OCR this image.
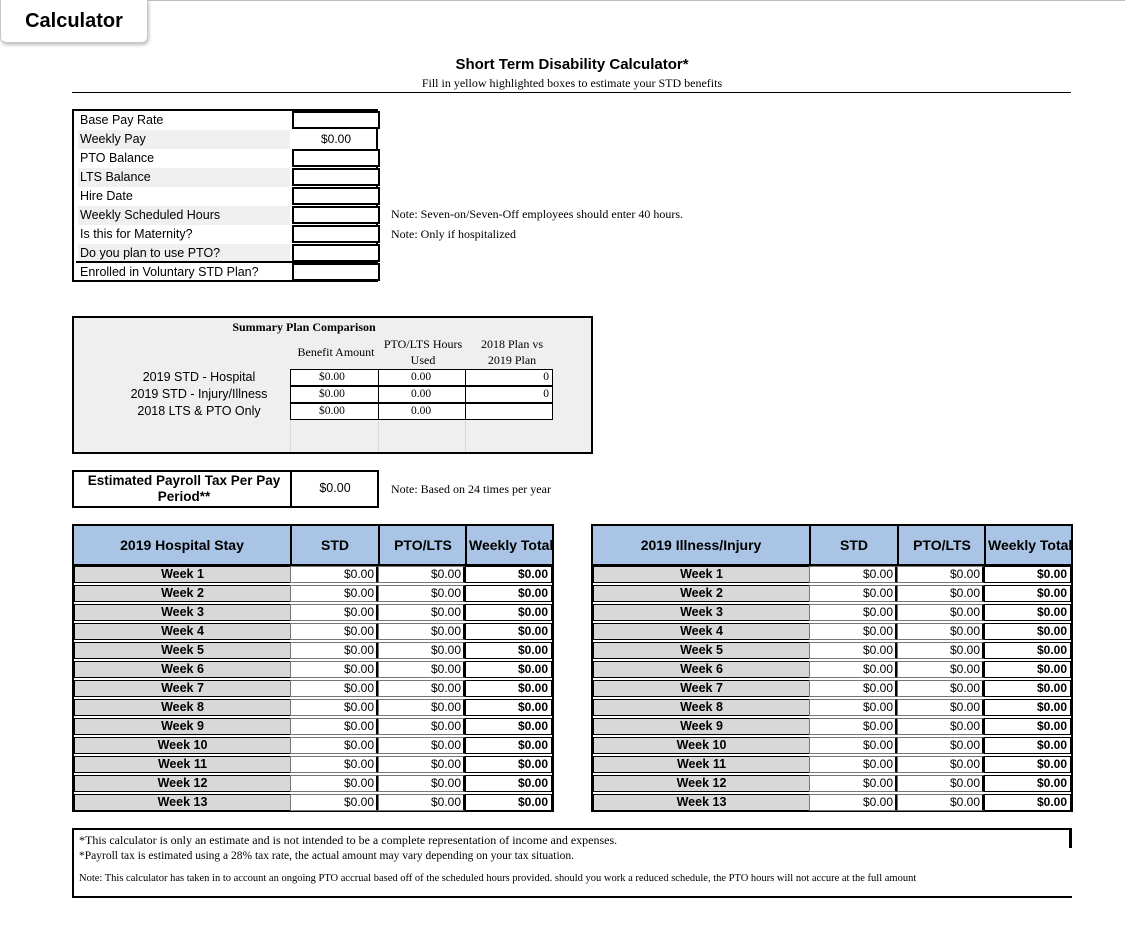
Calculator
Short Term Disability Calculator*
Fill in yellow highlighted boxes to estimate your STD benefits
Base Pay Rate
Weekly Pay	$0.00
PTO Balance
LTS Balance
Hire Date
Weekly Scheduled Hours
Is this for Maternity?
Do you plan to use PTO?
Enrolled in Voluntary STD Plan?
Note: Seven-on/Seven-Off employees should enter 40 hours.
Note: Only if hospitalized
Summary Plan Comparison
Benefit Amount
PTO/LTS Hours Used
2018 Plan vs 2019 Plan
2019 STD - Hospital	$0.00	0.00	0
2019 STD - Injury/Illness	$0.00	0.00	0
2018 LTS & PTO Only	$0.00	0.00
Estimated Payroll Tax Per Pay Period**
$0.00	Note: Based on 24 times per year
2019 Hospital Stay	STD	PTO/LTS	Weekly Total
Week 1	$0.00	$0.00	$0.00
Week 2	$0.00	$0.00	$0.00
Week 3	$0.00	$0.00	$0.00
Week 4	$0.00	$0.00	$0.00
Week 5	$0.00	$0.00	$0.00
Week 6	$0.00	$0.00	$0.00
Week 7	$0.00	$0.00	$0.00
Week 8	$0.00	$0.00	$0.00
Week 9	$0.00	$0.00	$0.00
Week 10	$0.00	$0.00	$0.00
Week 11	$0.00	$0.00	$0.00
Week 12	$0.00	$0.00	$0.00
Week 13	$0.00	$0.00	$0.00
2019 Illness/Injury	STD	PTO/LTS	Weekly Total
Week 1	$0.00	$0.00	$0.00
Week 2	$0.00	$0.00	$0.00
Week 3	$0.00	$0.00	$0.00
Week 4	$0.00	$0.00	$0.00
Week 5	$0.00	$0.00	$0.00
Week 6	$0.00	$0.00	$0.00
Week 7	$0.00	$0.00	$0.00
Week 8	$0.00	$0.00	$0.00
Week 9	$0.00	$0.00	$0.00
Week 10	$0.00	$0.00	$0.00
Week 11	$0.00	$0.00	$0.00
Week 12	$0.00	$0.00	$0.00
Week 13	$0.00	$0.00	$0.00
*This calculator is only an estimate and is not intended to be a complete representation of income and expenses.
*Payroll tax is estimated using a 28% tax rate, the actual amount may vary depending on your tax situation.
Note: This calculator has taken in to account an ongoing PTO accrual based off of the scheduled hours provided. should you work a reduced schedule, the PTO hours will not accure at the full amount
